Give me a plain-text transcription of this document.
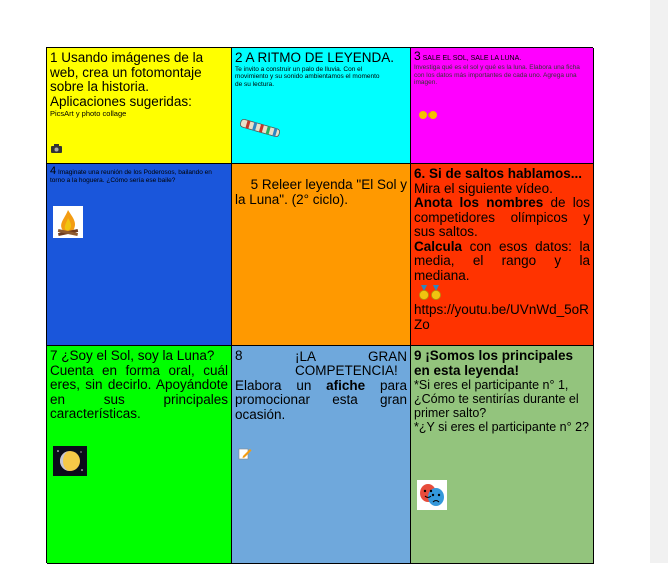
1 Usando imágenes de la web, crea un fotomontaje sobre la historia.

Aplicaciones sugeridas:

PicsArt y photo collage

2 A RITMO DE LEYENDA.

Te invito a construir un palo de lluvia. Con el movimiento y su sonido ambientamos el momento de su lectura.

3 SALE EL SOL, SALE LA LUNA.

Investiga qué es el sol y qué es la luna. Elabora una ficha con los datos más importantes de cada uno. Agrega una imagen.

4 Imaginate una reunión de los Poderosos, bailando en torno a la hoguera. ¿Cómo sería ese baile?	5 Releer leyenda "El Sol y

la Luna". (2° ciclo).

6. Si de saltos hablamos...

Mira el siguiente vídeo.

Anota los nombres de los competidores olímpicos y sus saltos.

Calcula con esos datos: la media, el rango y la mediana.

https://youtu.be/UVnWd_5oRZo

7 ¿Soy el Sol, soy la Luna?

Cuenta en forma oral, cuál eres, sin decirlo. Apoyándote en sus principales características.

8	¡LA GRAN COMPETENCIA!

Elabora un afiche para promocionar esta gran ocasión.

9 ¡Somos los principales en esta leyenda!

*Si eres el participante n° 1, ¿Cómo te sentirías durante el primer salto?

*¿Y si eres el participante n° 2?
